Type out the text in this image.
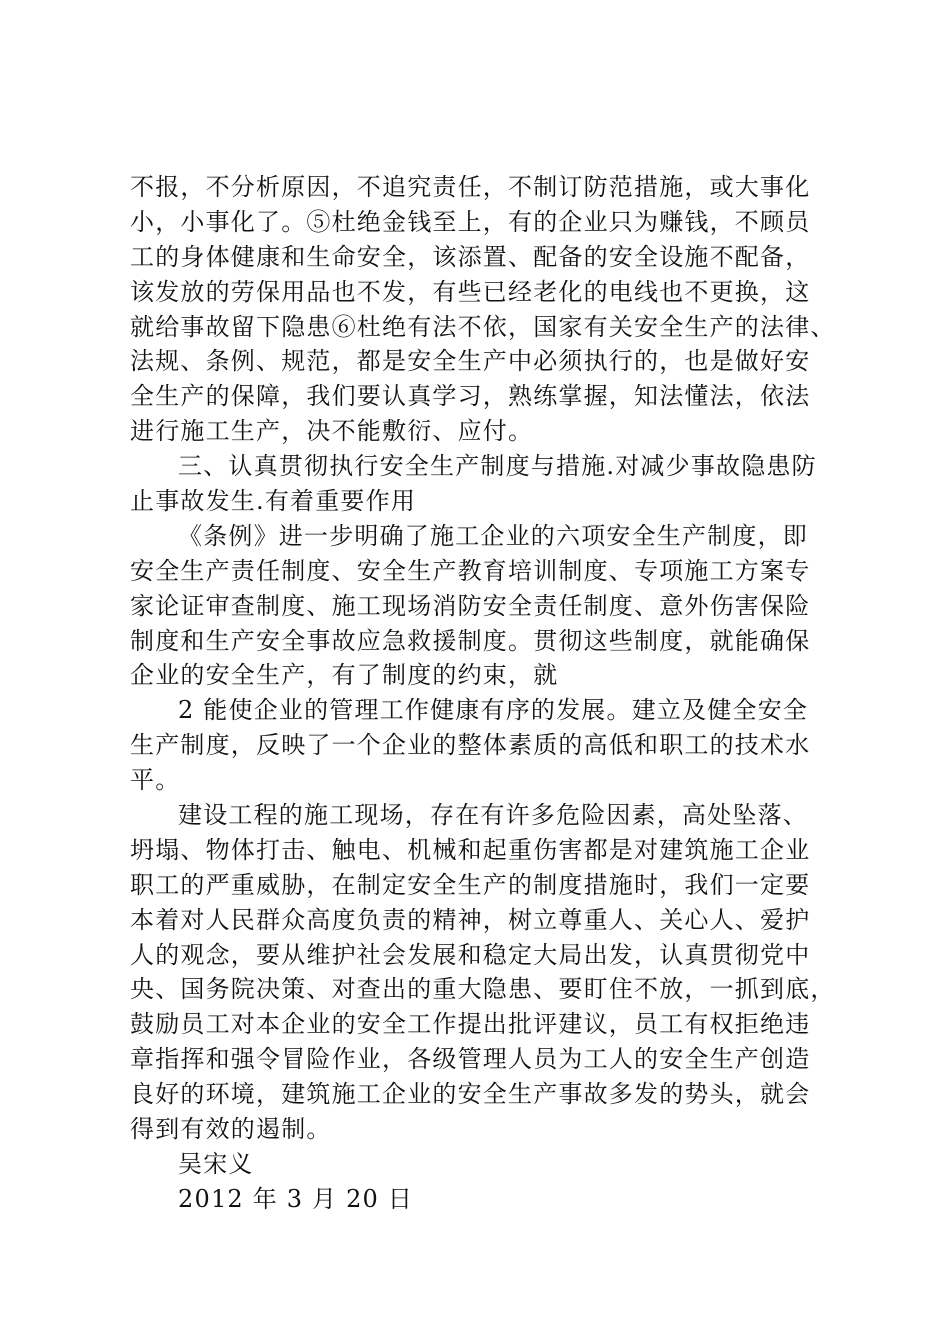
不报，不分析原因，不追究责任，不制订防范措施，或大事化
小，小事化了。⑤杜绝金钱至上，有的企业只为赚钱，不顾员
工的身体健康和生命安全，该添置、配备的安全设施不配备，
该发放的劳保用品也不发，有些已经老化的电线也不更换，这
就给事故留下隐患⑥杜绝有法不依，国家有关安全生产的法律、
法规、条例、规范，都是安全生产中必须执行的，也是做好安
全生产的保障，我们要认真学习，熟练掌握，知法懂法，依法
进行施工生产，决不能敷衍、应付。
三、认真贯彻执行安全生产制度与措施.对减少事故隐患防
止事故发生.有着重要作用
《条例》进一步明确了施工企业的六项安全生产制度，即
安全生产责任制度、安全生产教育培训制度、专项施工方案专
家论证审查制度、施工现场消防安全责任制度、意外伤害保险
制度和生产安全事故应急救援制度。贯彻这些制度，就能确保
企业的安全生产，有了制度的约束，就
2 能使企业的管理工作健康有序的发展。建立及健全安全
生产制度，反映了一个企业的整体素质的高低和职工的技术水
平。
建设工程的施工现场，存在有许多危险因素，高处坠落、
坍塌、物体打击、触电、机械和起重伤害都是对建筑施工企业
职工的严重威胁，在制定安全生产的制度措施时，我们一定要
本着对人民群众高度负责的精神，树立尊重人、关心人、爱护
人的观念，要从维护社会发展和稳定大局出发，认真贯彻党中
央、国务院决策、对查出的重大隐患、要盯住不放，一抓到底，
鼓励员工对本企业的安全工作提出批评建议，员工有权拒绝违
章指挥和强令冒险作业，各级管理人员为工人的安全生产创造
良好的环境，建筑施工企业的安全生产事故多发的势头，就会
得到有效的遏制。
吴宋义
2012 年 3 月 20 日
